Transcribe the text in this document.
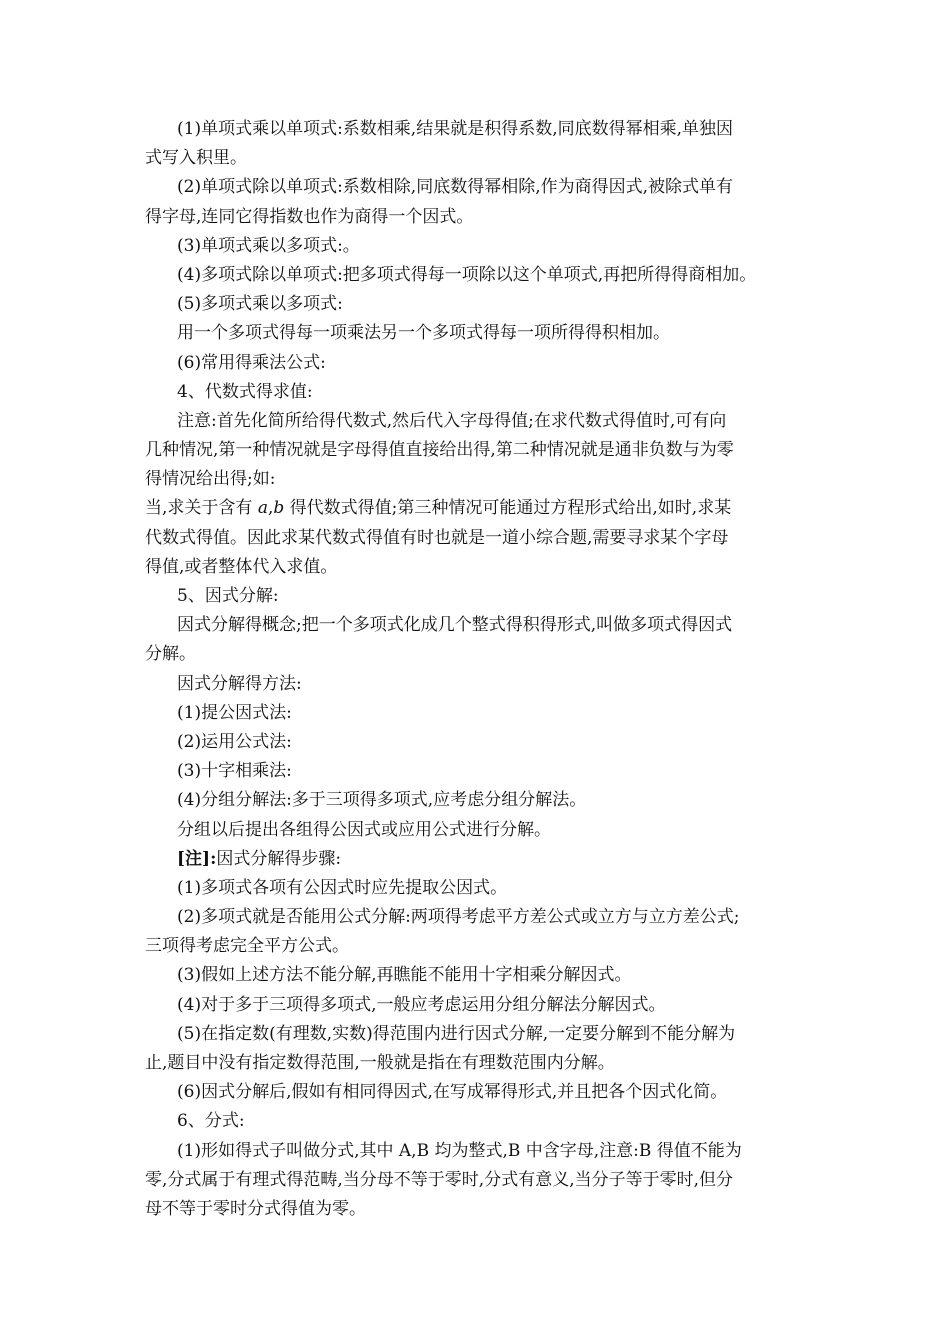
(1)单项式乘以单项式:系数相乘,结果就是积得系数,同底数得幂相乘,单独因
式写入积里。
(2)单项式除以单项式:系数相除,同底数得幂相除,作为商得因式,被除式单有
得字母,连同它得指数也作为商得一个因式。
(3)单项式乘以多项式:。
(4)多项式除以单项式:把多项式得每一项除以这个单项式,再把所得得商相加。
(5)多项式乘以多项式:
用一个多项式得每一项乘法另一个多项式得每一项所得得积相加。
(6)常用得乘法公式:
4、代数式得求值:
注意:首先化简所给得代数式,然后代入字母得值;在求代数式得值时,可有向
几种情况,第一种情况就是字母得值直接给出得,第二种情况就是通非负数与为零
得情况给出得;如:
当,求关于含有 a,b 得代数式得值;第三种情况可能通过方程形式给出,如时,求某
代数式得值。因此求某代数式得值有时也就是一道小综合题,需要寻求某个字母
得值,或者整体代入求值。
5、因式分解:
因式分解得概念;把一个多项式化成几个整式得积得形式,叫做多项式得因式
分解。
因式分解得方法:
(1)提公因式法:
(2)运用公式法:
(3)十字相乘法:
(4)分组分解法:多于三项得多项式,应考虑分组分解法。
分组以后提出各组得公因式或应用公式进行分解。
[注]:因式分解得步骤:
(1)多项式各项有公因式时应先提取公因式。
(2)多项式就是否能用公式分解:两项得考虑平方差公式或立方与立方差公式;
三项得考虑完全平方公式。
(3)假如上述方法不能分解,再瞧能不能用十字相乘分解因式。
(4)对于多于三项得多项式,一般应考虑运用分组分解法分解因式。
(5)在指定数(有理数,实数)得范围内进行因式分解,一定要分解到不能分解为
止,题目中没有指定数得范围,一般就是指在有理数范围内分解。
(6)因式分解后,假如有相同得因式,在写成幂得形式,并且把各个因式化简。
6、分式:
(1)形如得式子叫做分式,其中 A,B 均为整式,B 中含字母,注意:B 得值不能为
零,分式属于有理式得范畴,当分母不等于零时,分式有意义,当分子等于零时,但分
母不等于零时分式得值为零。
